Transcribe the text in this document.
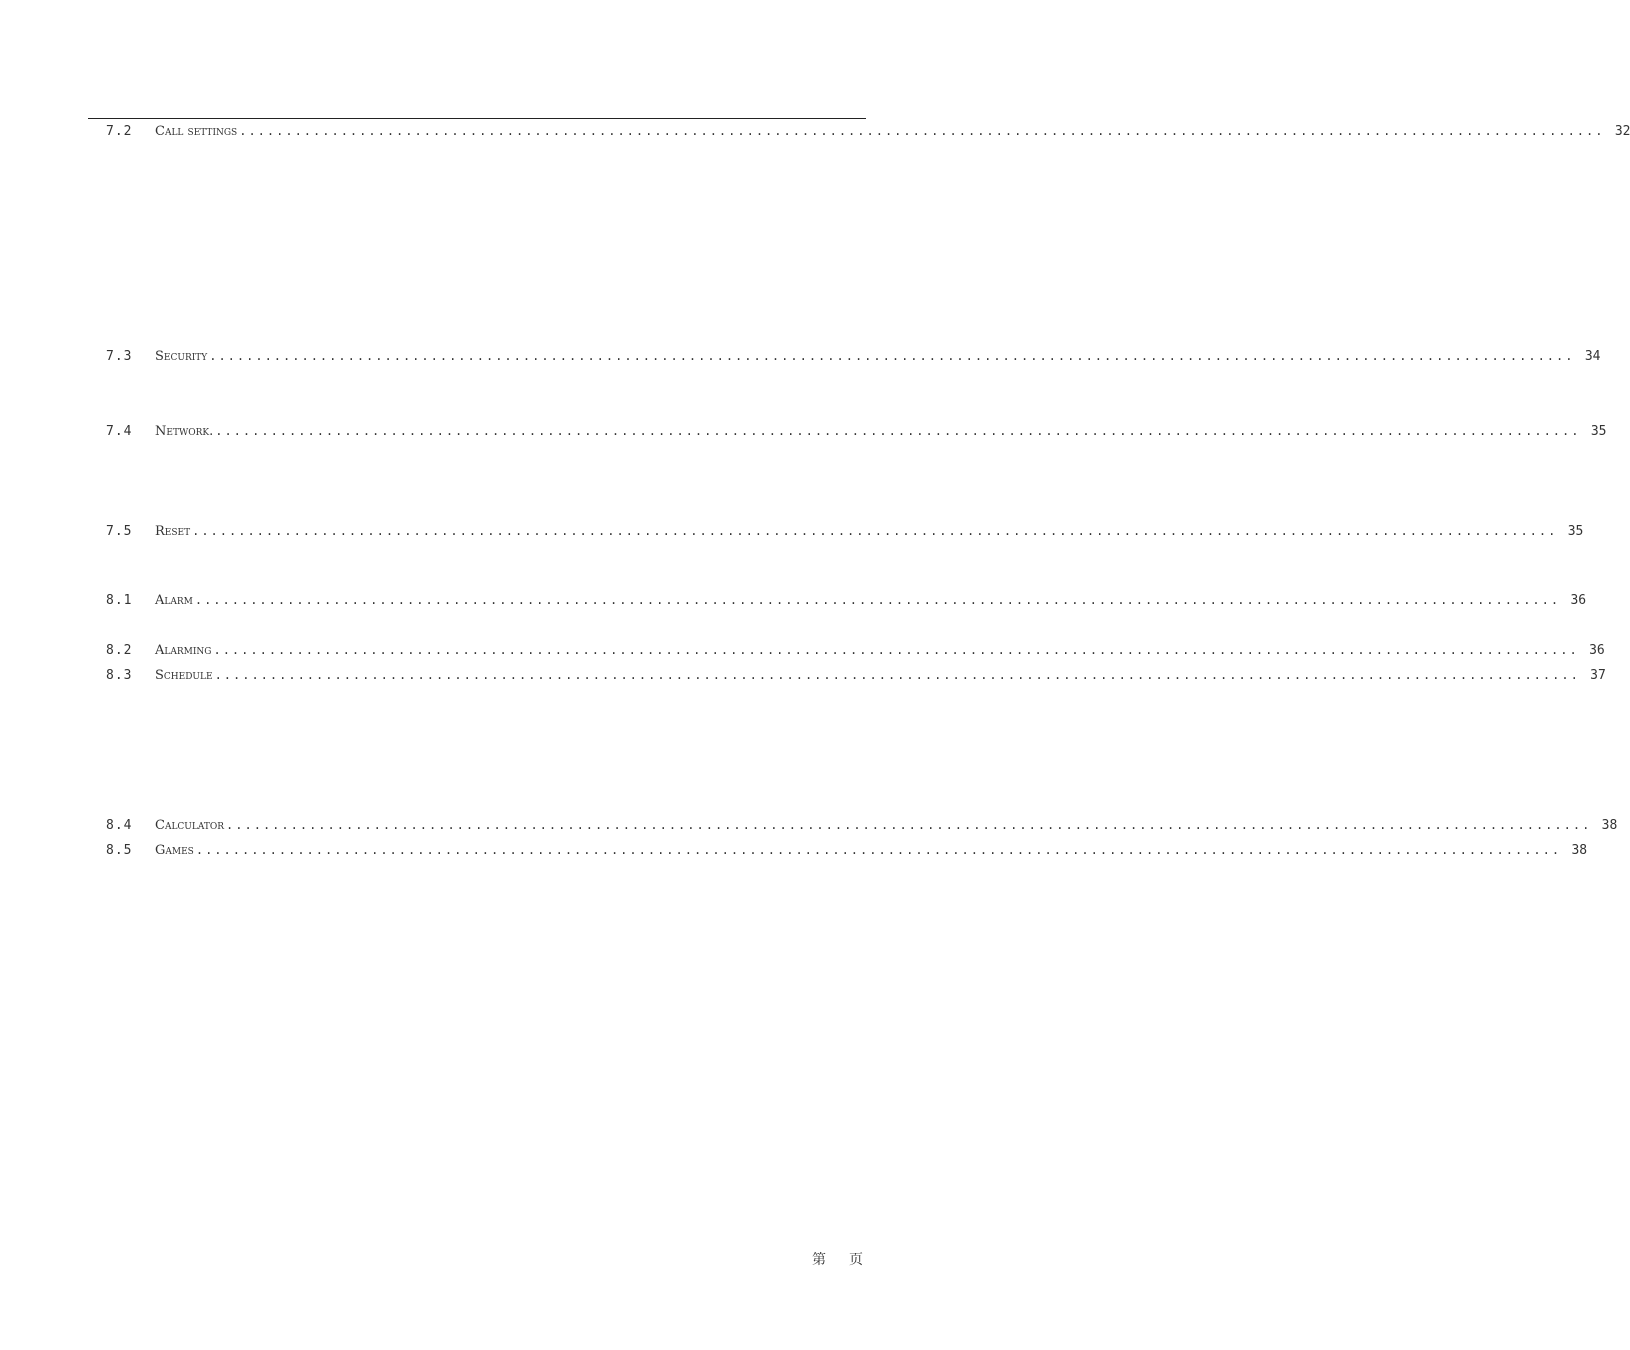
7.2	Call settings .................................................................................................................................................... 32
7.3	Security .................................................................................................................................................... 34
7.4	Network. .................................................................................................................................................... 35
7.5	Reset .................................................................................................................................................... 35
8.1	Alarm .................................................................................................................................................... 36
8.2	Alarming .................................................................................................................................................... 36
8.3	Schedule .................................................................................................................................................... 37
8.4	Calculator .................................................................................................................................................... 38
8.5	Games .................................................................................................................................................... 38
第 页
